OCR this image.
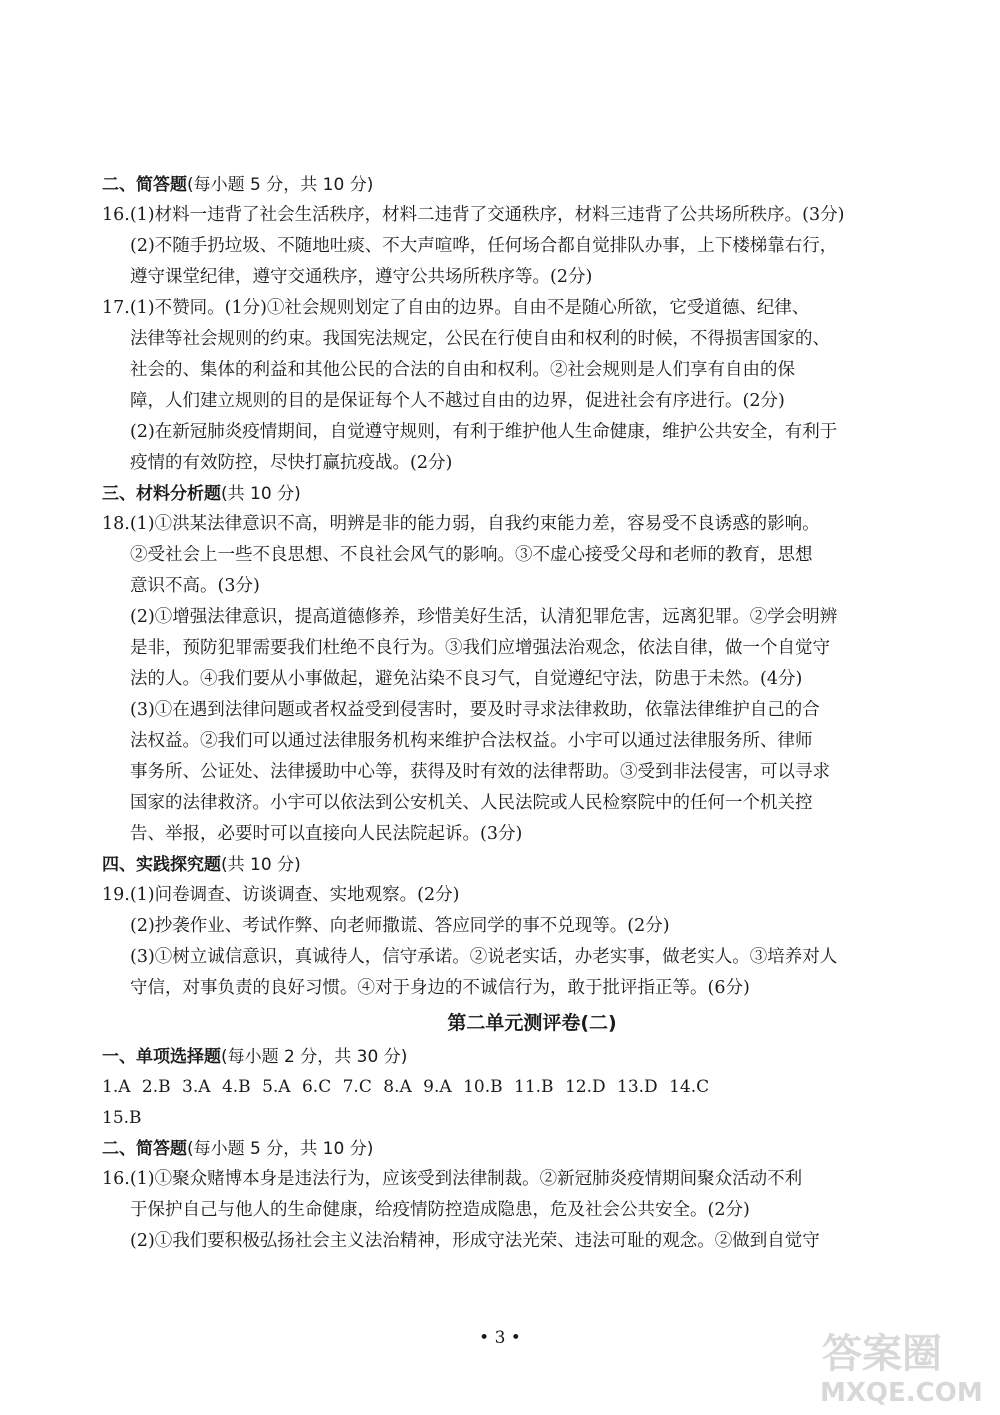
二、简答题(每小题 5 分，共 10 分)
16.(1)材料一违背了社会生活秩序，材料二违背了交通秩序，材料三违背了公共场所秩序。(3分)
(2)不随手扔垃圾、不随地吐痰、不大声喧哗，任何场合都自觉排队办事，上下楼梯靠右行，
遵守课堂纪律，遵守交通秩序，遵守公共场所秩序等。(2分)
17.(1)不赞同。(1分)①社会规则划定了自由的边界。自由不是随心所欲，它受道德、纪律、
法律等社会规则的约束。我国宪法规定，公民在行使自由和权利的时候，不得损害国家的、
社会的、集体的利益和其他公民的合法的自由和权利。②社会规则是人们享有自由的保
障，人们建立规则的目的是保证每个人不越过自由的边界，促进社会有序进行。(2分)
(2)在新冠肺炎疫情期间，自觉遵守规则，有利于维护他人生命健康，维护公共安全，有利于
疫情的有效防控，尽快打赢抗疫战。(2分)
三、材料分析题(共 10 分)
18.(1)①洪某法律意识不高，明辨是非的能力弱，自我约束能力差，容易受不良诱惑的影响。
②受社会上一些不良思想、不良社会风气的影响。③不虚心接受父母和老师的教育，思想
意识不高。(3分)
(2)①增强法律意识，提高道德修养，珍惜美好生活，认清犯罪危害，远离犯罪。②学会明辨
是非，预防犯罪需要我们杜绝不良行为。③我们应增强法治观念，依法自律，做一个自觉守
法的人。④我们要从小事做起，避免沾染不良习气，自觉遵纪守法，防患于未然。(4分)
(3)①在遇到法律问题或者权益受到侵害时，要及时寻求法律救助，依靠法律维护自己的合
法权益。②我们可以通过法律服务机构来维护合法权益。小宇可以通过法律服务所、律师
事务所、公证处、法律援助中心等，获得及时有效的法律帮助。③受到非法侵害，可以寻求
国家的法律救济。小宇可以依法到公安机关、人民法院或人民检察院中的任何一个机关控
告、举报，必要时可以直接向人民法院起诉。(3分)
四、实践探究题(共 10 分)
19.(1)问卷调查、访谈调查、实地观察。(2分)
(2)抄袭作业、考试作弊、向老师撒谎、答应同学的事不兑现等。(2分)
(3)①树立诚信意识，真诚待人，信守承诺。②说老实话，办老实事，做老实人。③培养对人
守信，对事负责的良好习惯。④对于身边的不诚信行为，敢于批评指正等。(6分)
第二单元测评卷(二)
一、单项选择题(每小题 2 分，共 30 分)
1.A 2.B 3.A 4.B 5.A 6.C 7.C 8.A 9.A 10.B 11.B 12.D 13.D 14.C
15.B
二、简答题(每小题 5 分，共 10 分)
16.(1)①聚众赌博本身是违法行为，应该受到法律制裁。②新冠肺炎疫情期间聚众活动不利
于保护自己与他人的生命健康，给疫情防控造成隐患，危及社会公共安全。(2分)
(2)①我们要积极弘扬社会主义法治精神，形成守法光荣、违法可耻的观念。②做到自觉守
• 3 •	答案圈
MXQE.COM
